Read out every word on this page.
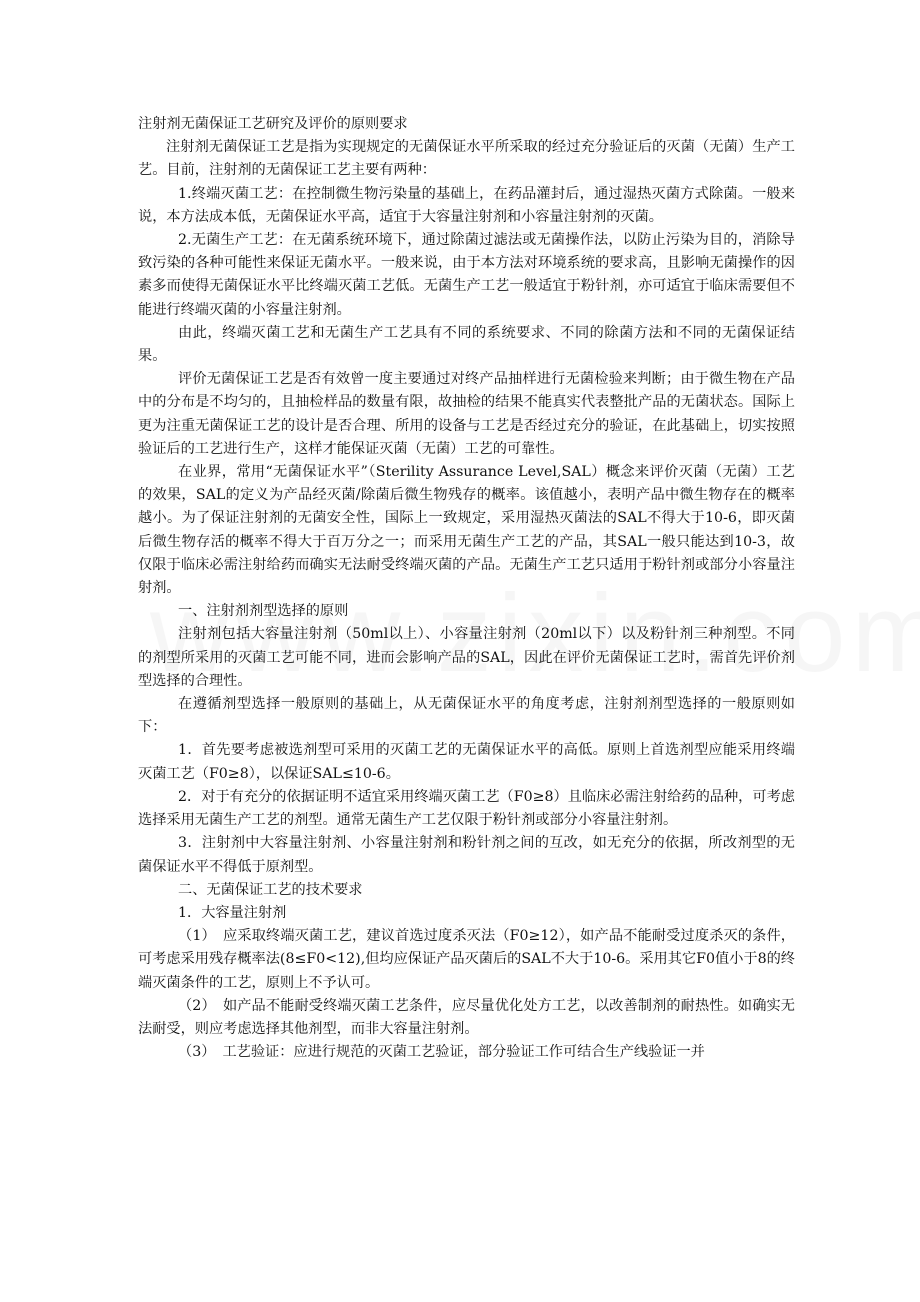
注射剂无菌保证工艺研究及评价的原则要求

注射剂无菌保证工艺是指为实现规定的无菌保证水平所采取的经过充分验证后的灭菌（无菌）生产工艺。目前，注射剂的无菌保证工艺主要有两种：

1.终端灭菌工艺：在控制微生物污染量的基础上，在药品灌封后，通过湿热灭菌方式除菌。一般来说，本方法成本低，无菌保证水平高，适宜于大容量注射剂和小容量注射剂的灭菌。

2.无菌生产工艺：在无菌系统环境下，通过除菌过滤法或无菌操作法，以防止污染为目的，消除导致污染的各种可能性来保证无菌水平。一般来说，由于本方法对环境系统的要求高，且影响无菌操作的因素多而使得无菌保证水平比终端灭菌工艺低。无菌生产工艺一般适宜于粉针剂，亦可适宜于临床需要但不能进行终端灭菌的小容量注射剂。

由此，终端灭菌工艺和无菌生产工艺具有不同的系统要求、不同的除菌方法和不同的无菌保证结果。

评价无菌保证工艺是否有效曾一度主要通过对终产品抽样进行无菌检验来判断；由于微生物在产品中的分布是不均匀的，且抽检样品的数量有限，故抽检的结果不能真实代表整批产品的无菌状态。国际上更为注重无菌保证工艺的设计是否合理、所用的设备与工艺是否经过充分的验证，在此基础上，切实按照验证后的工艺进行生产，这样才能保证灭菌（无菌）工艺的可靠性。

在业界，常用“无菌保证水平”（Sterility Assurance Level,SAL）概念来评价灭菌（无菌）工艺的效果，SAL的定义为产品经灭菌/除菌后微生物残存的概率。该值越小，表明产品中微生物存在的概率越小。为了保证注射剂的无菌安全性，国际上一致规定，采用湿热灭菌法的SAL不得大于10-6，即灭菌后微生物存活的概率不得大于百万分之一；而采用无菌生产工艺的产品，其SAL一般只能达到10-3，故仅限于临床必需注射给药而确实无法耐受终端灭菌的产品。无菌生产工艺只适用于粉针剂或部分小容量注射剂。

一、注射剂剂型选择的原则

注射剂包括大容量注射剂（50ml以上）、小容量注射剂（20ml以下）以及粉针剂三种剂型。不同的剂型所采用的灭菌工艺可能不同，进而会影响产品的SAL，因此在评价无菌保证工艺时，需首先评价剂型选择的合理性。

在遵循剂型选择一般原则的基础上，从无菌保证水平的角度考虑，注射剂剂型选择的一般原则如下：

1．首先要考虑被选剂型可采用的灭菌工艺的无菌保证水平的高低。原则上首选剂型应能采用终端灭菌工艺（F0≥8），以保证SAL≤10-6。

2．对于有充分的依据证明不适宜采用终端灭菌工艺（F0≥8）且临床必需注射给药的品种，可考虑选择采用无菌生产工艺的剂型。通常无菌生产工艺仅限于粉针剂或部分小容量注射剂。

3．注射剂中大容量注射剂、小容量注射剂和粉针剂之间的互改，如无充分的依据，所改剂型的无菌保证水平不得低于原剂型。

二、无菌保证工艺的技术要求

1．大容量注射剂

（1）　应采取终端灭菌工艺，建议首选过度杀灭法（F0≥12），如产品不能耐受过度杀灭的条件，可考虑采用残存概率法(8≤F0<12),但均应保证产品灭菌后的SAL不大于10-6。采用其它F0值小于8的终端灭菌条件的工艺，原则上不予认可。

（2）　如产品不能耐受终端灭菌工艺条件，应尽量优化处方工艺，以改善制剂的耐热性。如确实无法耐受，则应考虑选择其他剂型，而非大容量注射剂。

（3）　工艺验证：应进行规范的灭菌工艺验证，部分验证工作可结合生产线验证一并
